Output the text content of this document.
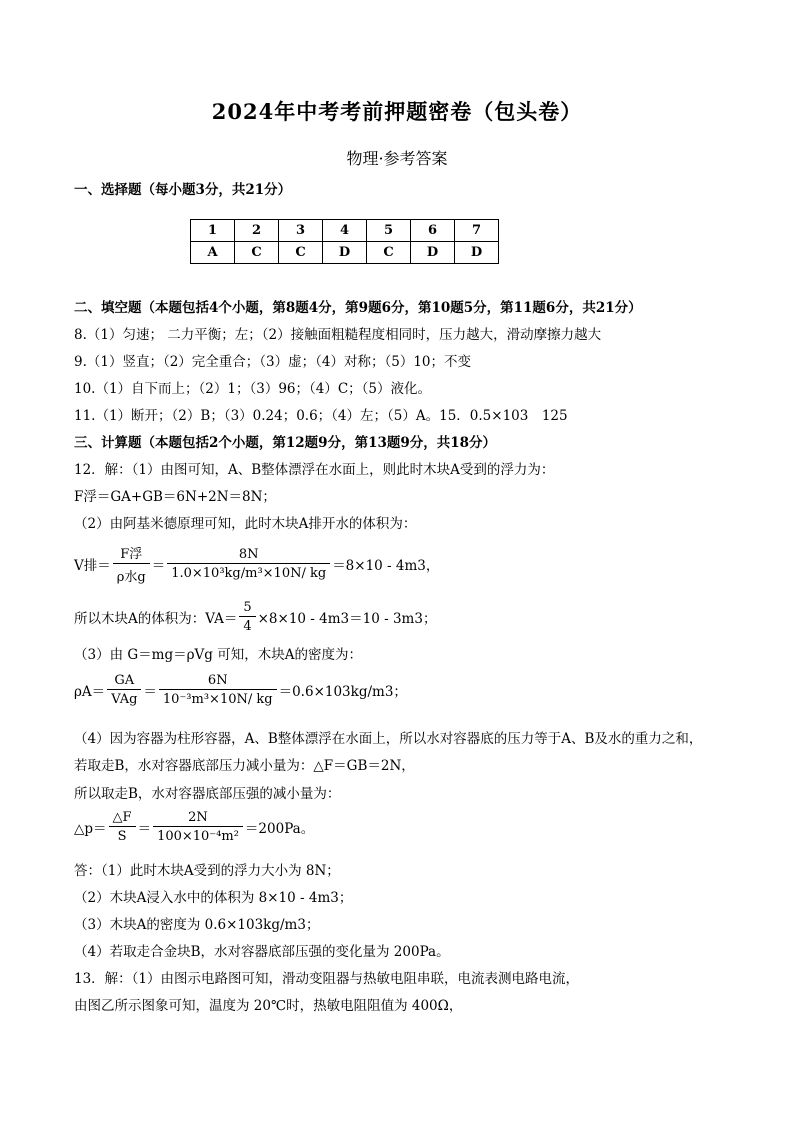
2024年中考考前押题密卷（包头卷）
物理·参考答案
一、选择题（每小题3分，共21分）
1	2	3	4	5	6	7
A	C	C	D	C	D	D
二、填空题（本题包括4个小题，第8题4分，第9题6分，第10题5分，第11题6分，共21分）
8.（1）匀速； 二力平衡；左；（2）接触面粗糙程度相同时，压力越大，滑动摩擦力越大
9.（1）竖直；（2）完全重合；（3）虚；（4）对称；（5）10；不变
10.（1）自下而上；（2）1；（3）96；（4）C；（5）液化。
11.（1）断开；（2）B；（3）0.24；0.6；（4）左；（5）A。15．0.5×103　125
三、计算题（本题包括2个小题，第12题9分，第13题9分，共18分）
12．解：（1）由图可知，A、B整体漂浮在水面上，则此时木块A受到的浮力为：
F浮＝GA+GB＝6N+2N＝8N；
（2）由阿基米德原理可知，此时木块A排开水的体积为：
V排＝ $\frac{\text{F浮}}{\text{ρ水g}} = \frac{8N}{\text{1.0×10³kg/m³×10N/ kg}} =8\times 10 - 4m3$，
所以木块A的体积为：$VA= \frac{5}{4} \times 8\times 10 - 4m3=10 - 3m3$；
（3）由 G＝mg＝ρVg 可知，木块A的密度为：
$\rho A= \frac{GA}{\text{VAg}} = \frac{6N}{\text{10⁻³m³×10N/ kg}} =0.6\times 103kg/m3$；
（4）因为容器为柱形容器，A、B整体漂浮在水面上，所以水对容器底的压力等于A、B及水的重力之和，
若取走B，水对容器底部压力减小量为：△F＝GB＝2N，
所以取走B，水对容器底部压强的减小量为：
△p＝ $\frac{\triangle F}{S} = \frac{2N}{\text{100×10⁻⁴m²}} =200Pa$。
答：（1）此时木块A受到的浮力大小为 8N；
（2）木块A浸入水中的体积为 8×10 - 4m3；
（3）木块A的密度为 0.6×103kg/m3；
（4）若取走合金块B，水对容器底部压强的变化量为 200Pa。
13．解：（1）由图示电路图可知，滑动变阻器与热敏电阻串联，电流表测电路电流，
由图乙所示图象可知，温度为 20℃时，热敏电阻阻值为 400Ω，
